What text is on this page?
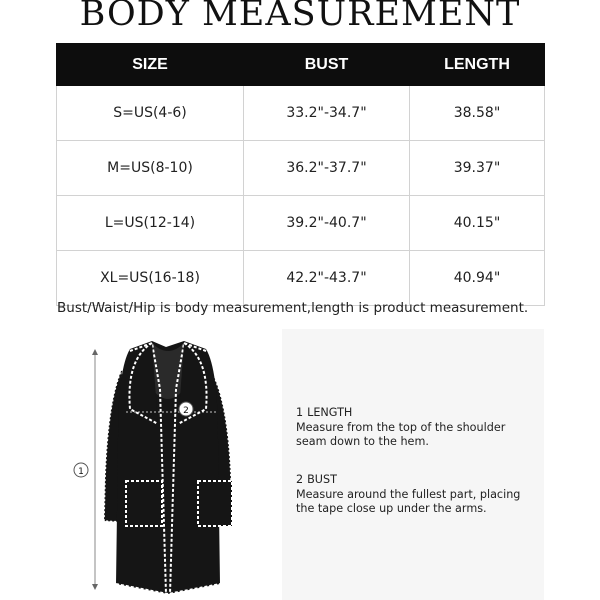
BODY MEASUREMENT
SIZE	BUST	LENGTH
S=US(4-6)	33.2"-34.7"	38.58"
M=US(8-10)	36.2"-37.7"	39.37"
L=US(12-14)	39.2"-40.7"	40.15"
XL=US(16-18)	42.2"-43.7"	40.94"
Bust/Waist/Hip is body measurement,length is product measurement.
1
2	1 LENGTH
Measure from the top of the shoulder seam down to the hem.
2 BUST
Measure around the fullest part, placing the tape close up under the arms.
